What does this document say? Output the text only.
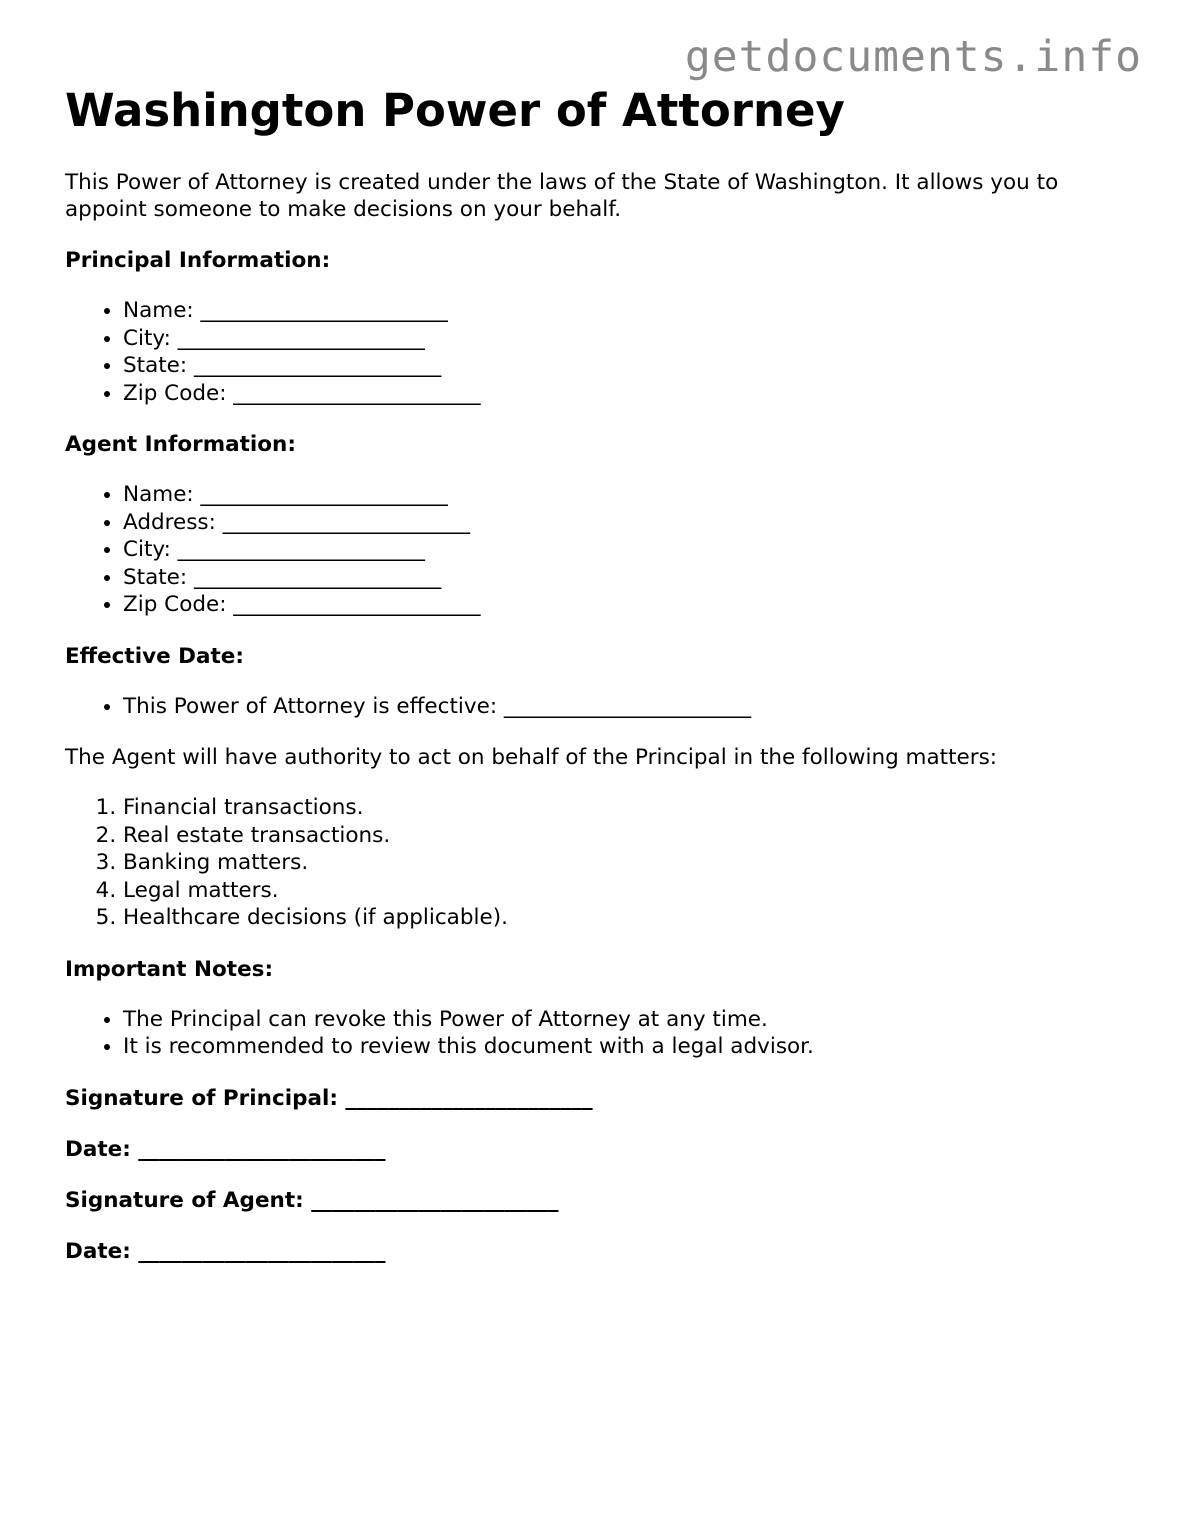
getdocuments.info
Washington Power of Attorney

This Power of Attorney is created under the laws of the State of Washington. It allows you to appoint someone to make decisions on your behalf.

Principal Information:

• Name: _______________________
• City: _______________________
• State: _______________________
• Zip Code: _______________________

Agent Information:

• Name: _______________________
• Address: _______________________
• City: _______________________
• State: _______________________
• Zip Code: _______________________

Effective Date:

• This Power of Attorney is effective: _______________________

The Agent will have authority to act on behalf of the Principal in the following matters:

1. Financial transactions.
2. Real estate transactions.
3. Banking matters.
4. Legal matters.
5. Healthcare decisions (if applicable).

Important Notes:

• The Principal can revoke this Power of Attorney at any time.
• It is recommended to review this document with a legal advisor.

Signature of Principal: _______________________

Date: _______________________

Signature of Agent: _______________________

Date: _______________________
